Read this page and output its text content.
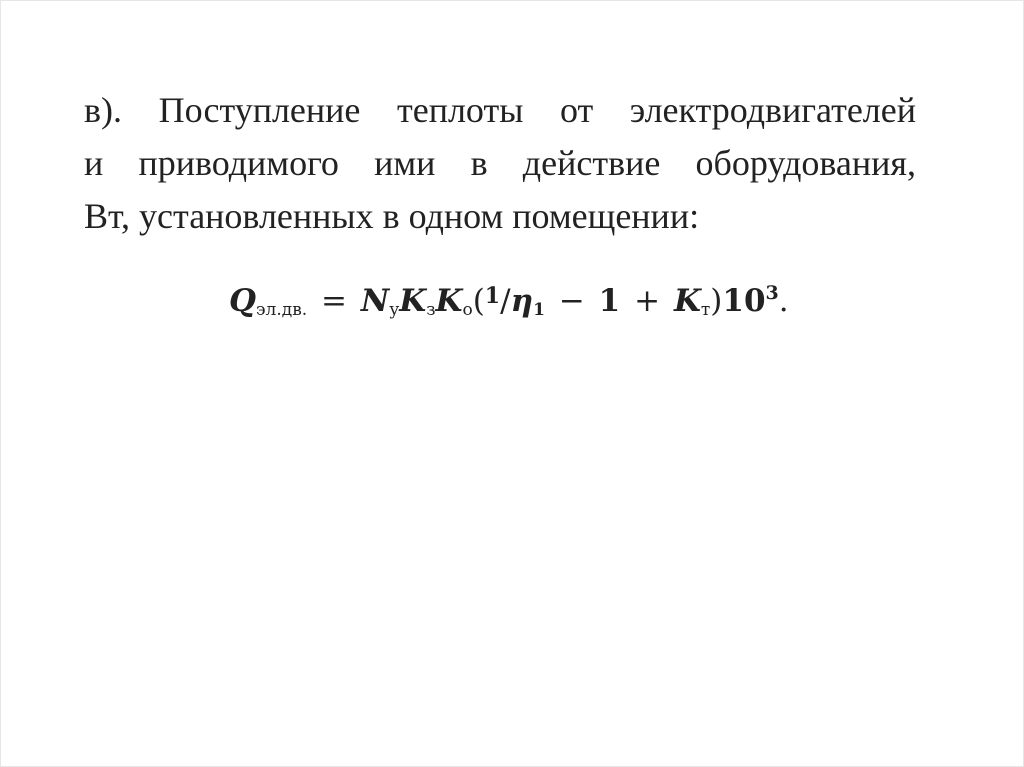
в). Поступление теплоты от электродвигателей
и приводимого ими в действие оборудования,
Вт, установленных в одном помещении:

$Q_{эл.дв.} = N_уK_зK_о(^1/\eta_1 - 1 + K_т)10^3$.
